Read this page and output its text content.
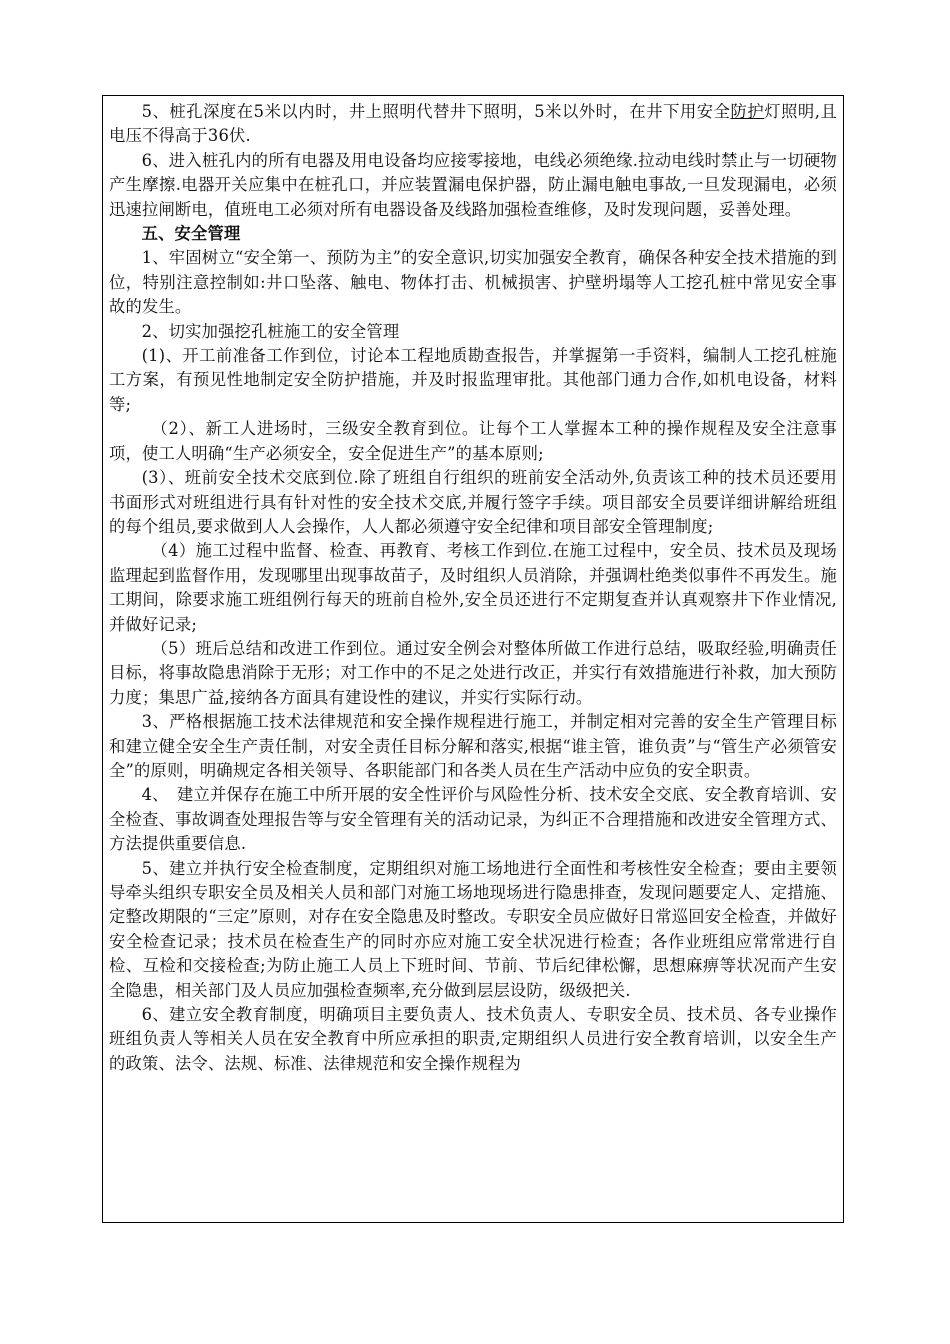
5、桩孔深度在5米以内时，井上照明代替井下照明，5米以外时，在井下用安全防护灯照明,且电压不得高于36伏.

6、进入桩孔内的所有电器及用电设备均应接零接地，电线必须绝缘.拉动电线时禁止与一切硬物产生摩擦.电器开关应集中在桩孔口，并应装置漏电保护器，防止漏电触电事故,一旦发现漏电，必须迅速拉闸断电，值班电工必须对所有电器设备及线路加强检查维修，及时发现问题，妥善处理。

五、安全管理

1、牢固树立“安全第一、预防为主”的安全意识,切实加强安全教育，确保各种安全技术措施的到位，特别注意控制如:井口坠落、触电、物体打击、机械损害、护壁坍塌等人工挖孔桩中常见安全事故的发生。

2、切实加强挖孔桩施工的安全管理

(1)、开工前准备工作到位，讨论本工程地质勘查报告，并掌握第一手资料，编制人工挖孔桩施工方案，有预见性地制定安全防护措施，并及时报监理审批。其他部门通力合作,如机电设备，材料等;

（2）、新工人进场时，三级安全教育到位。让每个工人掌握本工种的操作规程及安全注意事项，使工人明确“生产必须安全，安全促进生产”的基本原则;

(3）、班前安全技术交底到位.除了班组自行组织的班前安全活动外,负责该工种的技术员还要用书面形式对班组进行具有针对性的安全技术交底,并履行签字手续。项目部安全员要详细讲解给班组的每个组员,要求做到人人会操作，人人都必须遵守安全纪律和项目部安全管理制度;

（4）施工过程中监督、检查、再教育、考核工作到位.在施工过程中，安全员、技术员及现场监理起到监督作用，发现哪里出现事故苗子，及时组织人员消除，并强调杜绝类似事件不再发生。施工期间，除要求施工班组例行每天的班前自检外,安全员还进行不定期复查并认真观察井下作业情况,并做好记录;

（5）班后总结和改进工作到位。通过安全例会对整体所做工作进行总结，吸取经验,明确责任目标，将事故隐患消除于无形；对工作中的不足之处进行改正，并实行有效措施进行补救，加大预防力度；集思广益,接纳各方面具有建设性的建议，并实行实际行动。

3、严格根据施工技术法律规范和安全操作规程进行施工，并制定相对完善的安全生产管理目标和建立健全安全生产责任制，对安全责任目标分解和落实,根据“谁主管，谁负责”与“管生产必须管安全”的原则，明确规定各相关领导、各职能部门和各类人员在生产活动中应负的安全职责。

4、　建立并保存在施工中所开展的安全性评价与风险性分析、技术安全交底、安全教育培训、安全检查、事故调查处理报告等与安全管理有关的活动记录，为纠正不合理措施和改进安全管理方式、方法提供重要信息.

5、建立并执行安全检查制度，定期组织对施工场地进行全面性和考核性安全检查；要由主要领导牵头组织专职安全员及相关人员和部门对施工场地现场进行隐患排查，发现问题要定人、定措施、定整改期限的“三定”原则，对存在安全隐患及时整改。专职安全员应做好日常巡回安全检查，并做好安全检查记录；技术员在检查生产的同时亦应对施工安全状况进行检查；各作业班组应常常进行自检、互检和交接检查;为防止施工人员上下班时间、节前、节后纪律松懈，思想麻痹等状况而产生安全隐患，相关部门及人员应加强检查频率,充分做到层层设防，级级把关.

6、建立安全教育制度，明确项目主要负责人、技术负责人、专职安全员、技术员、各专业操作班组负责人等相关人员在安全教育中所应承担的职责,定期组织人员进行安全教育培训，以安全生产的政策、法令、法规、标准、法律规范和安全操作规程为
